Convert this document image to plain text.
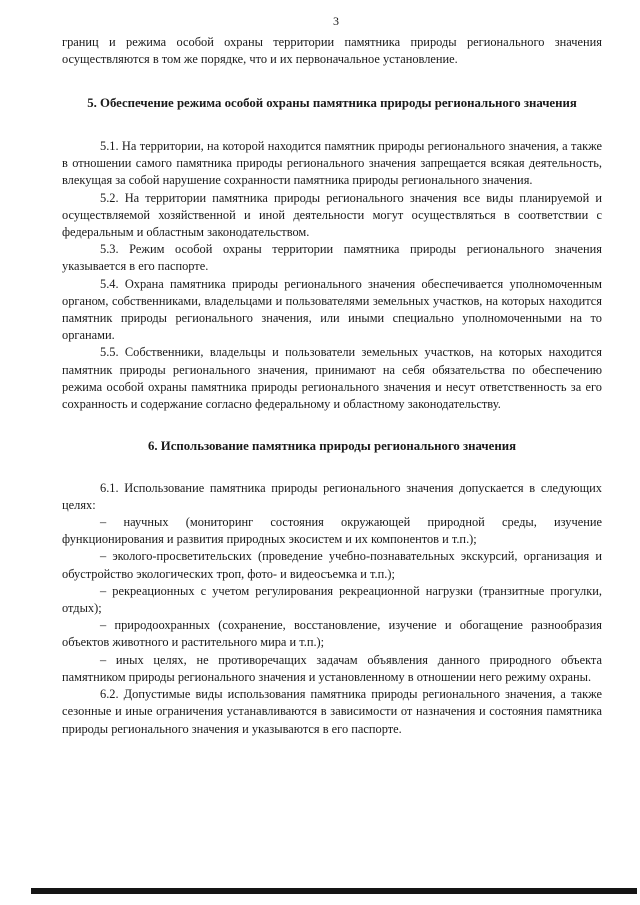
3

границ и режима особой охраны территории памятника природы регионального значения осуществляются в том же порядке, что и их первоначальное установление.

5. Обеспечение режима особой охраны памятника природы регионального значения

5.1. На территории, на которой находится памятник природы регионального значения, а также в отношении самого памятника природы регионального значения запрещается всякая деятельность, влекущая за собой нарушение сохранности памятника природы регионального значения.

5.2. На территории памятника природы регионального значения все виды планируемой и осуществляемой хозяйственной и иной деятельности могут осуществляться в соответствии с федеральным и областным законодательством.

5.3. Режим особой охраны территории памятника природы регионального значения указывается в его паспорте.

5.4. Охрана памятника природы регионального значения обеспечивается уполномоченным органом, собственниками, владельцами и пользователями земельных участков, на которых находится памятник природы регионального значения, или иными специально уполномоченными на то органами.

5.5. Собственники, владельцы и пользователи земельных участков, на которых находится памятник природы регионального значения, принимают на себя обязательства по обеспечению режима особой охраны памятника природы регионального значения и несут ответственность за его сохранность и содержание согласно федеральному и областному законодательству.

6. Использование памятника природы регионального значения

6.1. Использование памятника природы регионального значения допускается в следующих целях:

– научных (мониторинг состояния окружающей природной среды, изучение функционирования и развития природных экосистем и их компонентов и т.п.);

– эколого-просветительских (проведение учебно-познавательных экскурсий, организация и обустройство экологических троп, фото- и видеосъемка и т.п.);

– рекреационных с учетом регулирования рекреационной нагрузки (транзитные прогулки, отдых);

– природоохранных (сохранение, восстановление, изучение и обогащение разнообразия объектов животного и растительного мира и т.п.);

– иных целях, не противоречащих задачам объявления данного природного объекта памятником природы регионального значения и установленному в отношении него режиму охраны.

6.2. Допустимые виды использования памятника природы регионального значения, а также сезонные и иные ограничения устанавливаются в зависимости от назначения и состояния памятника природы регионального значения и указываются в его паспорте.
